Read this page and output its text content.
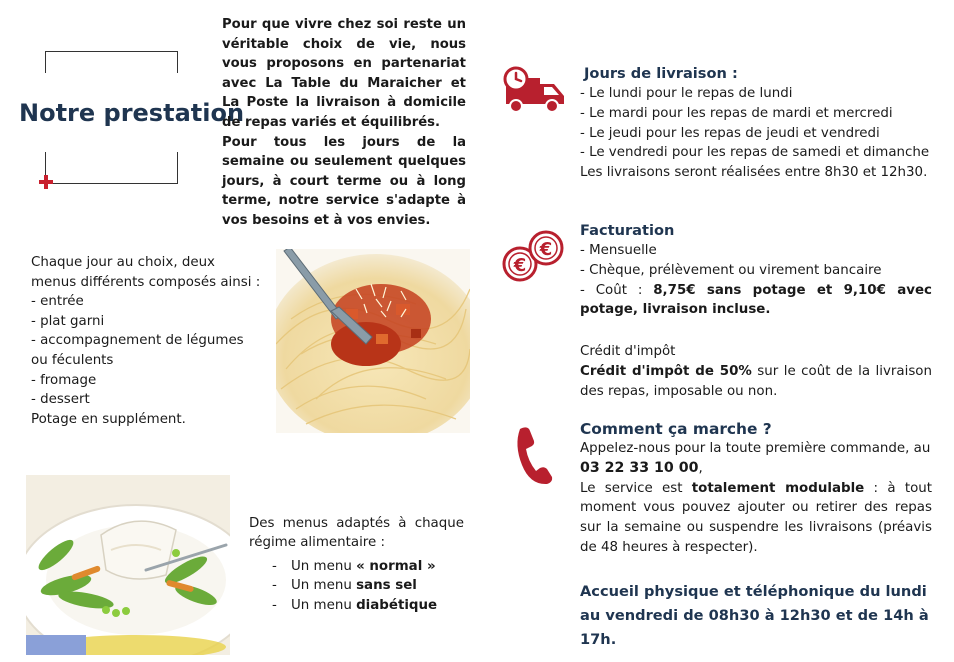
Notre prestation

Pour que vivre chez soi reste un véritable choix de vie, nous vous proposons en partenariat avec La Table du Maraicher et La Poste la livraison à domicile de repas variés et équilibrés.

Pour tous les jours de la semaine ou seulement quelques jours, à court terme ou à long terme, notre service s'adapte à vos besoins et à vos envies.

Chaque jour au choix, deux menus différents composés ainsi :
- entrée
- plat garni
- accompagnement de légumes ou féculents
- fromage
- dessert
Potage en supplément.
Des menus adaptés à chaque régime alimentaire :
- Un menu « normal »
- Un menu sans sel
- Un menu diabétique
€
€
Jours de livraison :
- Le lundi pour le repas de lundi
- Le mardi pour les repas de mardi et mercredi
- Le jeudi pour les repas de jeudi et vendredi
- Le vendredi pour les repas de samedi et dimanche
Les livraisons seront réalisées entre 8h30 et 12h30.
Facturation
- Mensuelle
- Chèque, prélèvement ou virement bancaire
- Coût : 8,75€ sans potage et 9,10€ avec potage, livraison incluse.
Crédit d'impôt
Crédit d'impôt de 50% sur le coût de la livraison des repas, imposable ou non.
Comment ça marche ?
Appelez-nous pour la toute première commande, au
03 22 33 10 00,
Le service est totalement modulable : à tout moment vous pouvez ajouter ou retirer des repas sur la semaine ou suspendre les livraisons (préavis de 48 heures à respecter).
Accueil physique et téléphonique du lundi au vendredi de 08h30 à 12h30 et de 14h à 17h.
